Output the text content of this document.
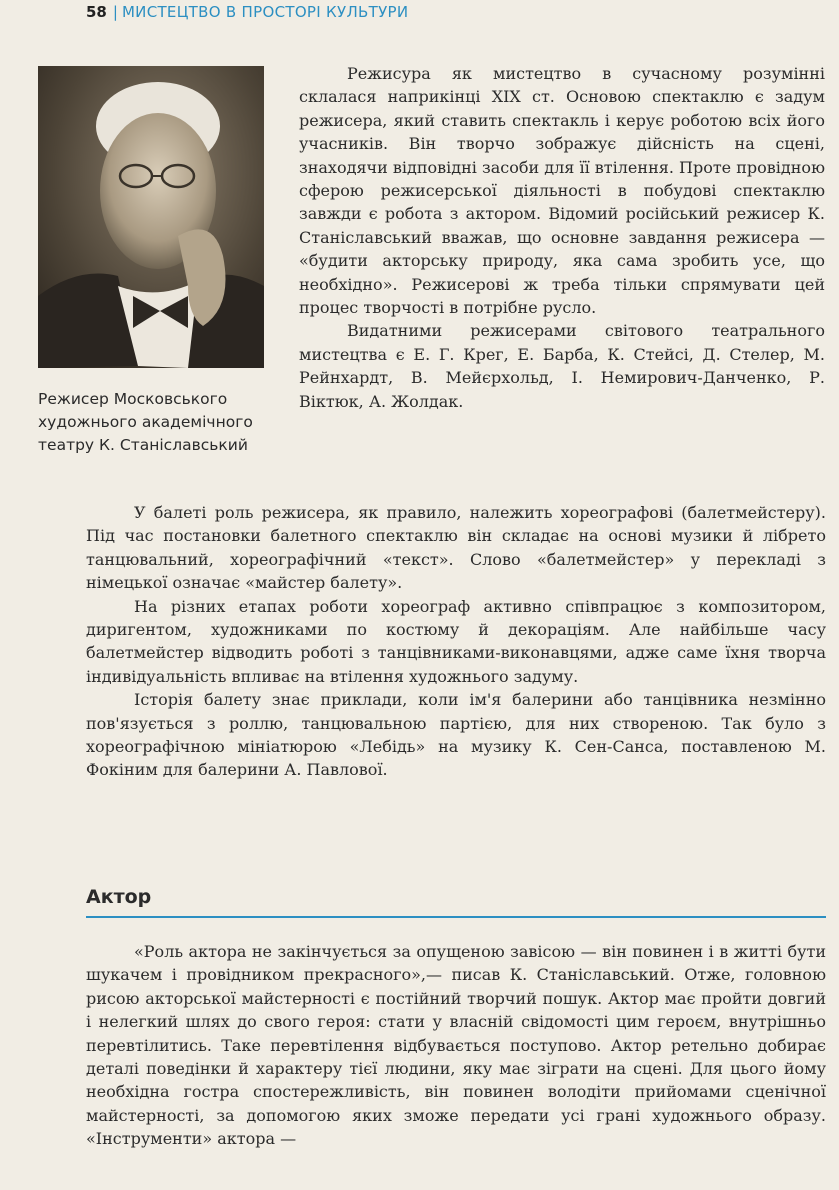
58 | МИСТЕЦТВО В ПРОСТОРІ КУЛЬТУРИ
Режисер Московського художнього академічного театру К. Станіславський

Режисура як мистецтво в сучасному розумінні склалася наприкінці XIX ст. Основою спектаклю є задум режисера, який ставить спектакль і керує роботою всіх його учасників. Він творчо зображує дійсність на сцені, знаходячи відповідні засоби для її втілення. Проте провідною сферою режисерської діяльності в побудові спектаклю завжди є робота з актором. Відомий російський режисер К. Станіславський вважав, що основне завдання режисера — «будити акторську природу, яка сама зробить усе, що необхідно». Режисерові ж треба тільки спрямувати цей процес творчості в потрібне русло.

Видатними режисерами світового театрального мистецтва є Е. Г. Крег, Е. Барба, К. Стейсі, Д. Стелер, М. Рейнхардт, В. Мейєрхольд, І. Немирович-Данченко, Р. Віктюк, А. Жолдак.

У балеті роль режисера, як правило, належить хореографові (балетмейстеру). Під час постановки балетного спектаклю він складає на основі музики й лібрето танцювальний, хореографічний «текст». Слово «балетмейстер» у перекладі з німецької означає «майстер балету».

На різних етапах роботи хореограф активно співпрацює з композитором, диригентом, художниками по костюму й декораціям. Але найбільше часу балетмейстер відводить роботі з танцівниками-виконавцями, адже саме їхня творча індивідуальність впливає на втілення художнього задуму.

Історія балету знає приклади, коли ім'я балерини або танцівника незмінно пов'язується з роллю, танцювальною партією, для них створеною. Так було з хореографічною мініатюрою «Лебідь» на музику К. Сен-Санса, поставленою М. Фокіним для балерини А. Павлової.

Актор

«Роль актора не закінчується за опущеною завісою — він повинен і в житті бути шукачем і провідником прекрасного»,— писав К. Станіславський. Отже, головною рисою акторської майстерності є постійний творчий пошук. Актор має пройти довгий і нелегкий шлях до свого героя: стати у власній свідомості цим героєм, внутрішньо перевтілитись. Таке перевтілення відбувається поступово. Актор ретельно добирає деталі поведінки й характеру тієї людини, яку має зіграти на сцені. Для цього йому необхідна гостра спостережливість, він повинен володіти прийомами сценічної майстерності, за допомогою яких зможе передати усі грані художнього образу. «Інструменти» актора —
